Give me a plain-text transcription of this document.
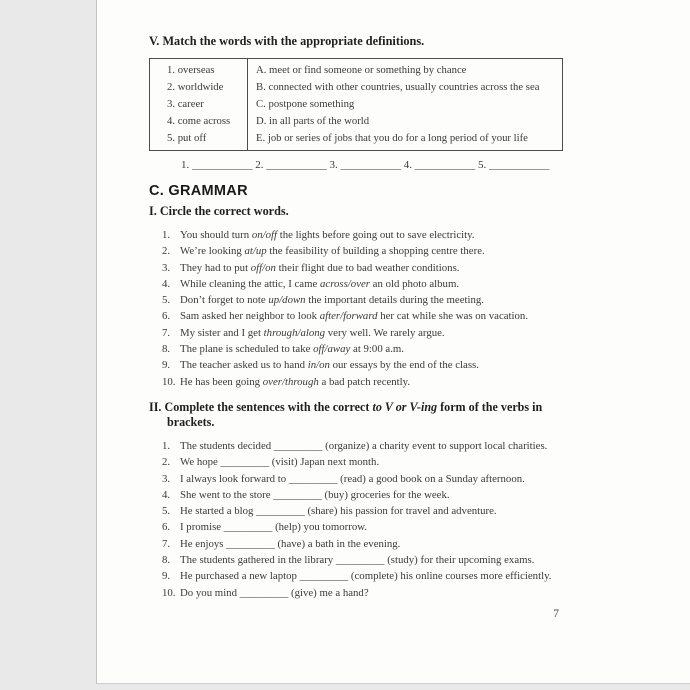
V. Match the words with the appropriate definitions.
1. overseas	A. meet or find someone or something by chance
2. worldwide	B. connected with other countries, usually countries across the sea
3. career	C. postpone something
4. come across	D. in all parts of the world
5. put off	E. job or series of jobs that you do for a long period of your life
1. ___________ 2. ___________ 3. ___________ 4. ___________ 5. ___________
C. GRAMMAR
I. Circle the correct words.
1. You should turn on/off the lights before going out to save electricity.
2. We’re looking at/up the feasibility of building a shopping centre there.
3. They had to put off/on their flight due to bad weather conditions.
4. While cleaning the attic, I came across/over an old photo album.
5. Don’t forget to note up/down the important details during the meeting.
6. Sam asked her neighbor to look after/forward her cat while she was on vacation.
7. My sister and I get through/along very well. We rarely argue.
8. The plane is scheduled to take off/away at 9:00 a.m.
9. The teacher asked us to hand in/on our essays by the end of the class.
10. He has been going over/through a bad patch recently.
II. Complete the sentences with the correct to V or V-ing form of the verbs in brackets.
1. The students decided _________ (organize) a charity event to support local charities.
2. We hope _________ (visit) Japan next month.
3. I always look forward to _________ (read) a good book on a Sunday afternoon.
4. She went to the store _________ (buy) groceries for the week.
5. He started a blog _________ (share) his passion for travel and adventure.
6. I promise _________ (help) you tomorrow.
7. He enjoys _________ (have) a bath in the evening.
8. The students gathered in the library _________ (study) for their upcoming exams.
9. He purchased a new laptop _________ (complete) his online courses more efficiently.
10. Do you mind _________ (give) me a hand?
7
